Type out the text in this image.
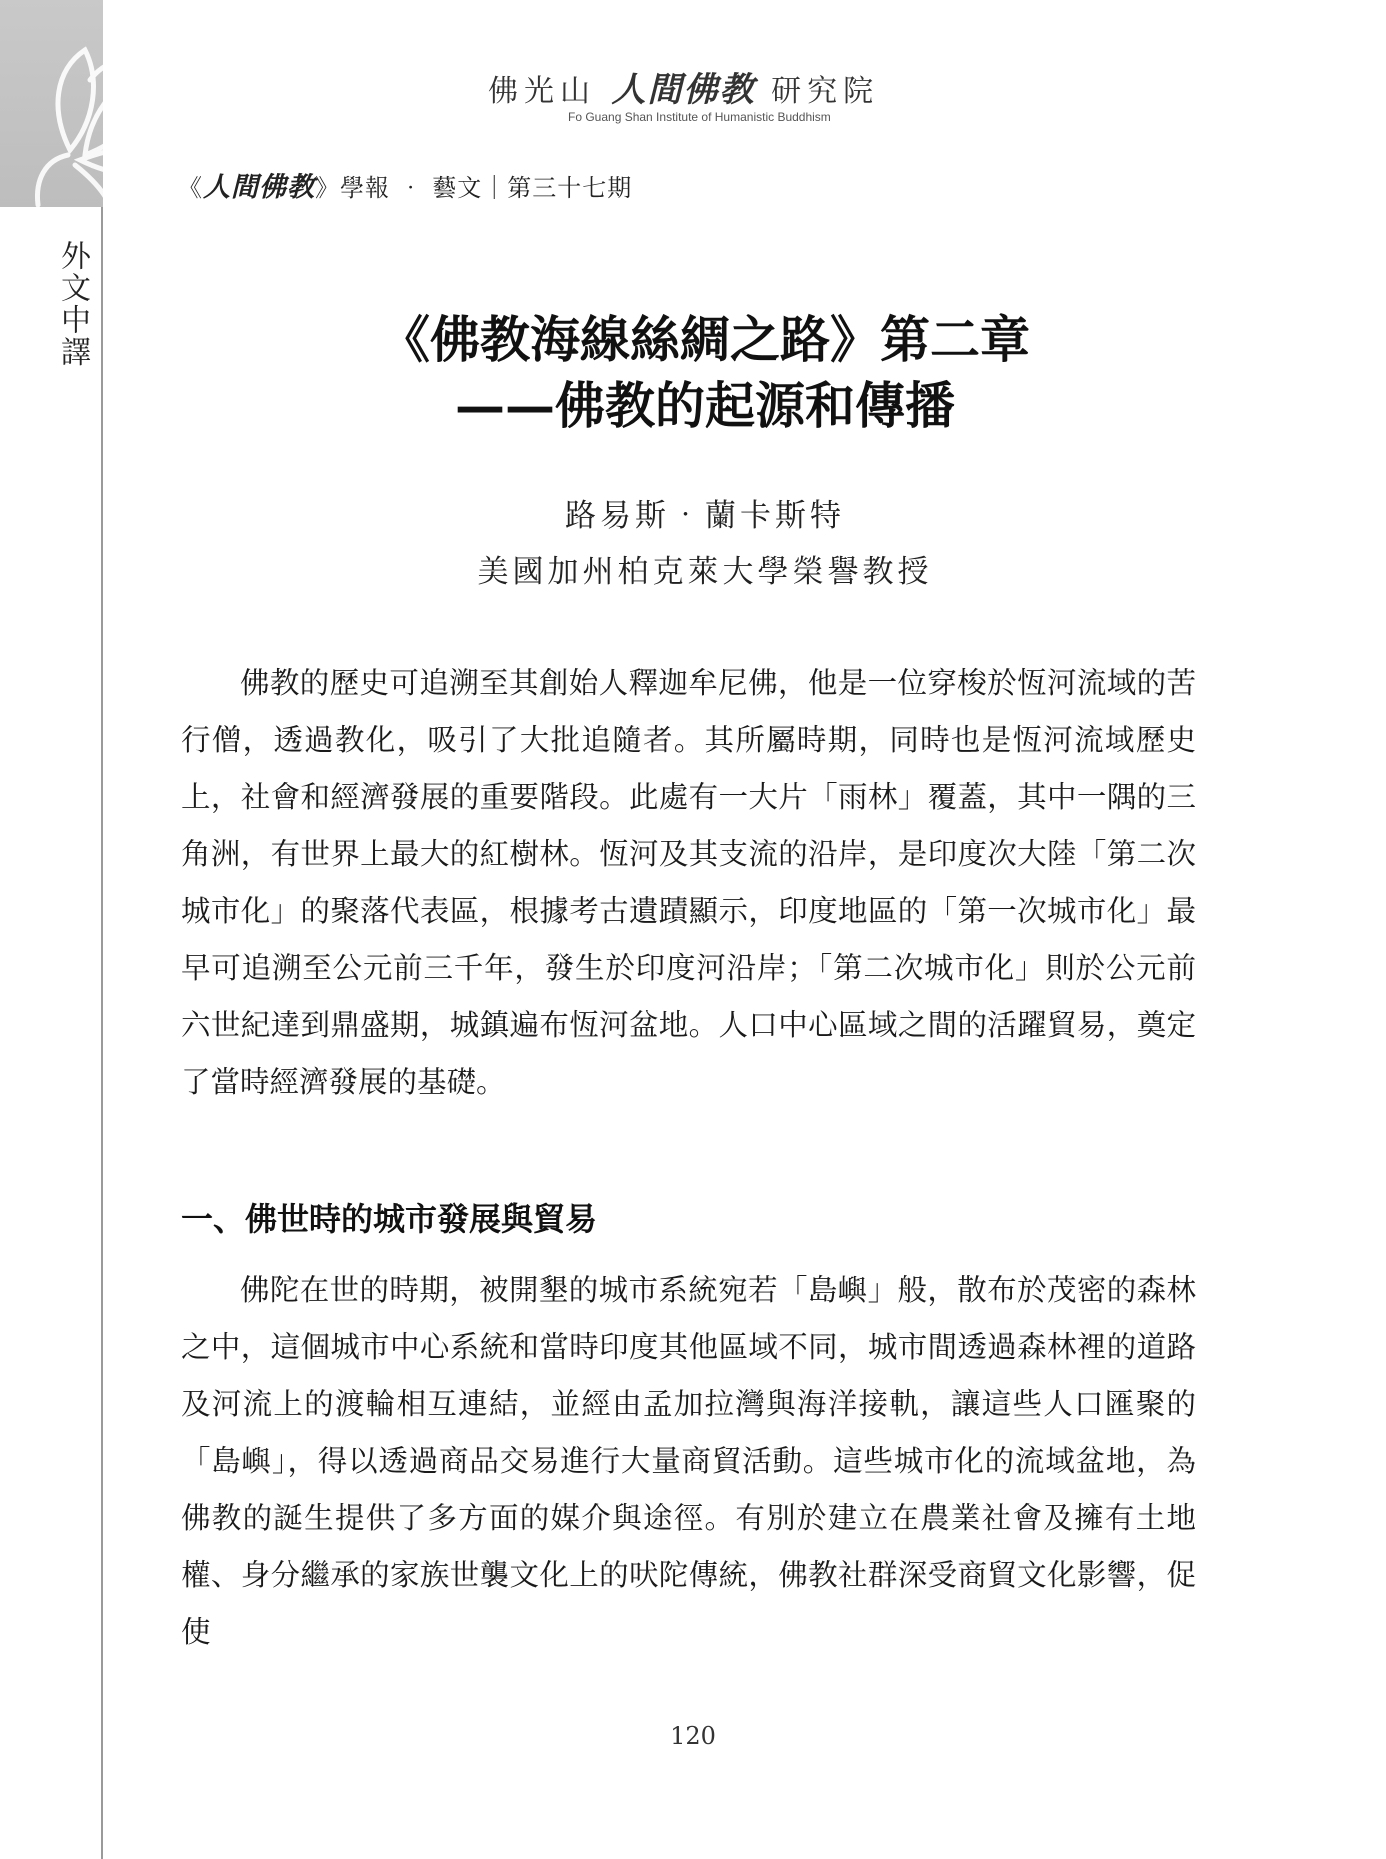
外文中譯
佛光山 人間佛教 研究院
Fo Guang Shan Institute of Humanistic Buddhism
《人間佛教》學報 ‧ 藝文｜第三十七期
《佛教海線絲綢之路》第二章
——佛教的起源和傳播
路易斯‧蘭卡斯特
美國加州柏克萊大學榮譽教授

佛教的歷史可追溯至其創始人釋迦牟尼佛，他是一位穿梭於恆河流域的苦行僧，透過教化，吸引了大批追隨者。其所屬時期，同時也是恆河流域歷史上，社會和經濟發展的重要階段。此處有一大片「雨林」覆蓋，其中一隅的三角洲，有世界上最大的紅樹林。恆河及其支流的沿岸，是印度次大陸「第二次城市化」的聚落代表區，根據考古遺蹟顯示，印度地區的「第一次城市化」最早可追溯至公元前三千年，發生於印度河沿岸；「第二次城市化」則於公元前六世紀達到鼎盛期，城鎮遍布恆河盆地。人口中心區域之間的活躍貿易，奠定了當時經濟發展的基礎。

一、佛世時的城市發展與貿易

佛陀在世的時期，被開墾的城市系統宛若「島嶼」般，散布於茂密的森林之中，這個城市中心系統和當時印度其他區域不同，城市間透過森林裡的道路及河流上的渡輪相互連結，並經由孟加拉灣與海洋接軌，讓這些人口匯聚的「島嶼」，得以透過商品交易進行大量商貿活動。這些城市化的流域盆地，為佛教的誕生提供了多方面的媒介與途徑。有別於建立在農業社會及擁有土地權、身分繼承的家族世襲文化上的吠陀傳統，佛教社群深受商貿文化影響，促使

120
